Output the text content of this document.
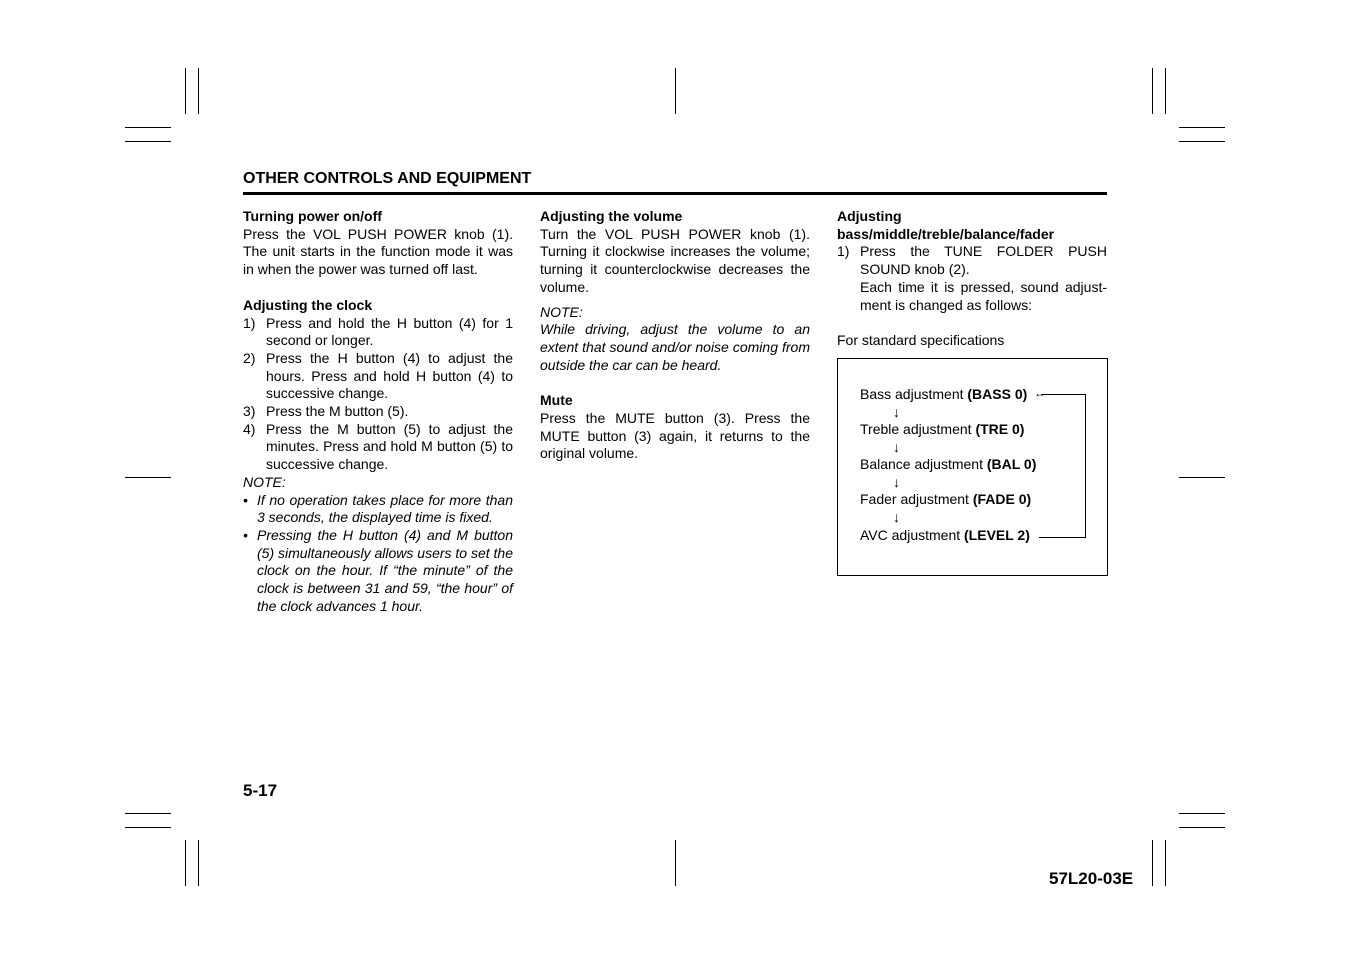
OTHER CONTROLS AND EQUIPMENT
Turning power on/off
Press the VOL PUSH POWER knob (1). The unit starts in the function mode it was in when the power was turned off last.
Adjusting the clock
1) Press and hold the H button (4) for 1 second or longer.
2) Press the H button (4) to adjust the hours. Press and hold H button (4) to successive change.
3) Press the M button (5).
4) Press the M button (5) to adjust the minutes. Press and hold M button (5) to successive change.
NOTE:
• If no operation takes place for more than 3 seconds, the displayed time is fixed.
• Pressing the H button (4) and M button (5) simultaneously allows users to set the clock on the hour. If “the minute” of the clock is between 31 and 59, “the hour” of the clock advances 1 hour.
Adjusting the volume
Turn the VOL PUSH POWER knob (1). Turning it clockwise increases the volume; turning it counterclockwise decreases the volume.
NOTE:
While driving, adjust the volume to an extent that sound and/or noise coming from outside the car can be heard.
Mute
Press the MUTE button (3). Press the MUTE button (3) again, it returns to the original volume.
Adjusting bass/middle/treble/balance/fader
1) Press the TUNE FOLDER PUSH SOUND knob (2).
Each time it is pressed, sound adjust-ment is changed as follows:
For standard specifications
Bass adjustment (BASS 0)
↓
Treble adjustment (TRE 0)
↓
Balance adjustment (BAL 0)
↓
Fader adjustment (FADE 0)
↓
AVC adjustment (LEVEL 2)
←
5-17
57L20-03E
